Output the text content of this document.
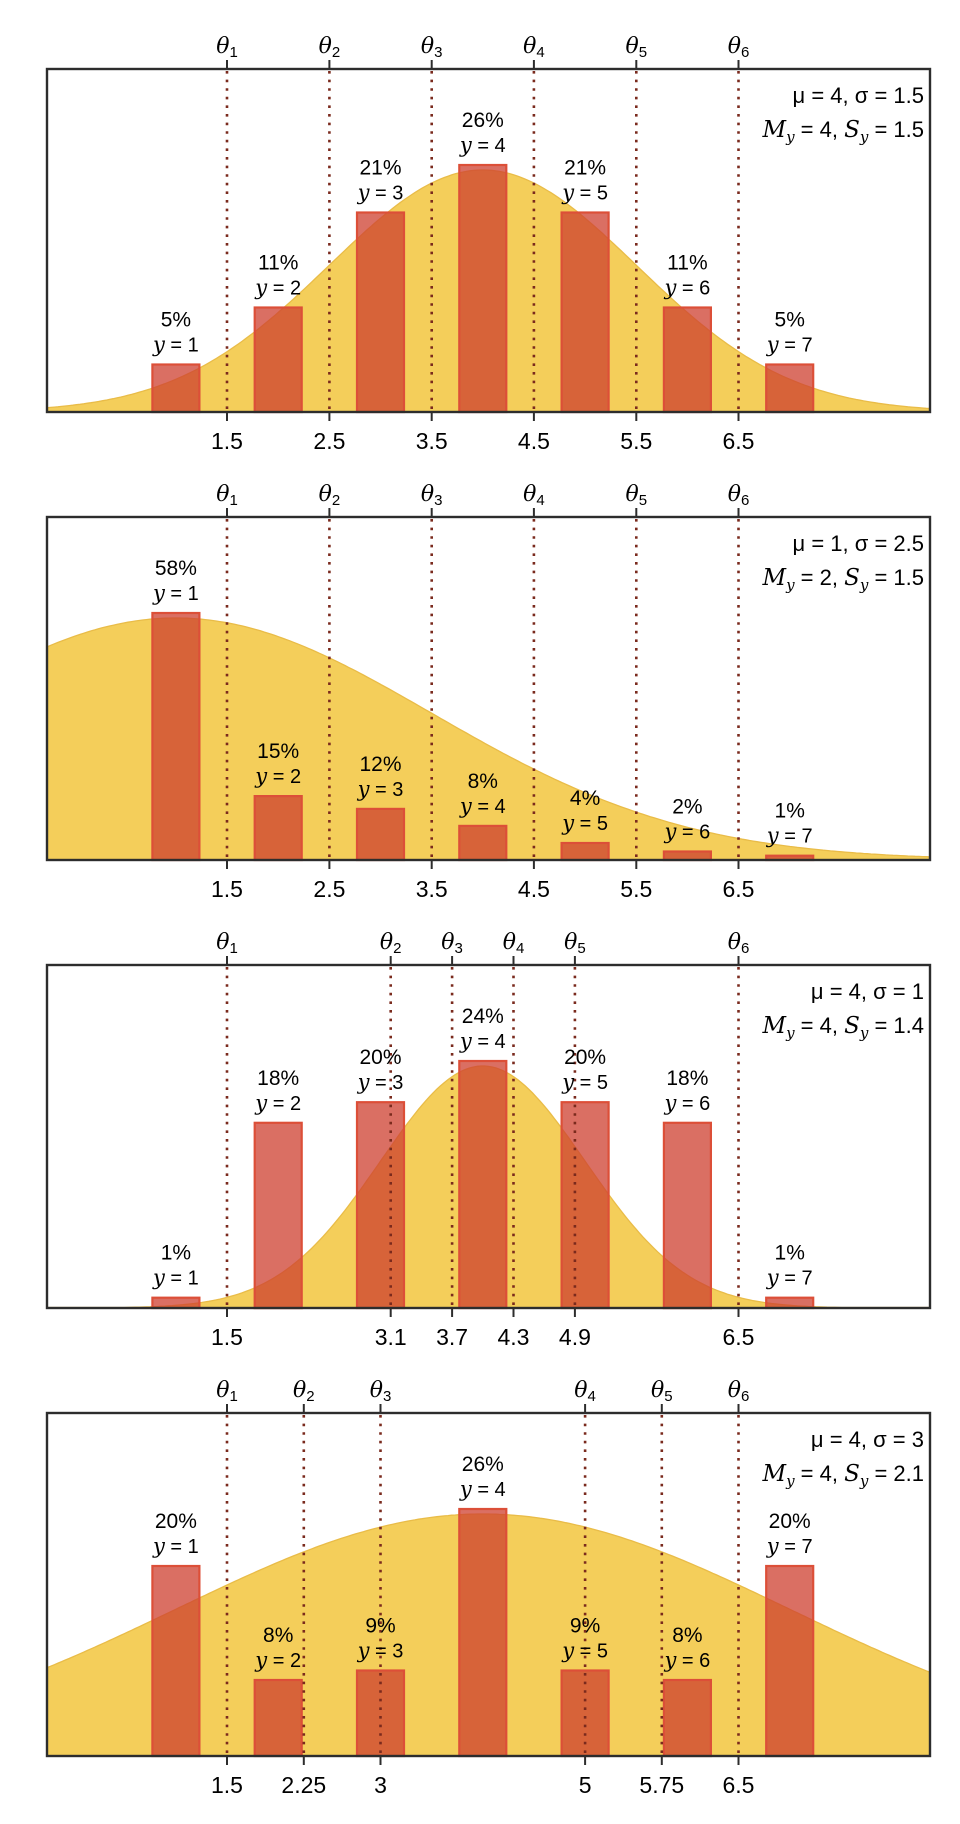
θ1
1.5
θ2
2.5
θ3
3.5
θ4
4.5
θ5
5.5
θ6
6.5
5%
y = 1
11%
y = 2
21%
y = 3
26%
y = 4
21%
y = 5
11%
y = 6
5%
y = 7
μ = 4, σ = 1.5
My = 4, Sy = 1.5
θ1
1.5
θ2
2.5
θ3
3.5
θ4
4.5
θ5
5.5
θ6
6.5
58%
y = 1
15%
y = 2
12%
y = 3	8%
y = 4	4%
y = 5
2%
y = 6
1%
y = 7
μ = 1, σ = 2.5
My = 2, Sy = 1.5
θ1
1.5
θ2
3.1
θ3
3.7
θ4
4.3
θ5
4.9
θ6
6.5
1%
y = 1
18%
y = 2
20%
y = 3
24%
y = 4
20%
y = 5	18%
y = 6
1%
y = 7
μ = 4, σ = 1
My = 4, Sy = 1.4
θ1
1.5
θ2
2.25
θ3
3
θ4
5
θ5
5.75
θ6
6.5
20%
y = 1
8%
y = 2
9%
y = 3
26%
y = 4
9%
y = 5
8%
y = 6
20%
y = 7
μ = 4, σ = 3
My = 4, Sy = 2.1
